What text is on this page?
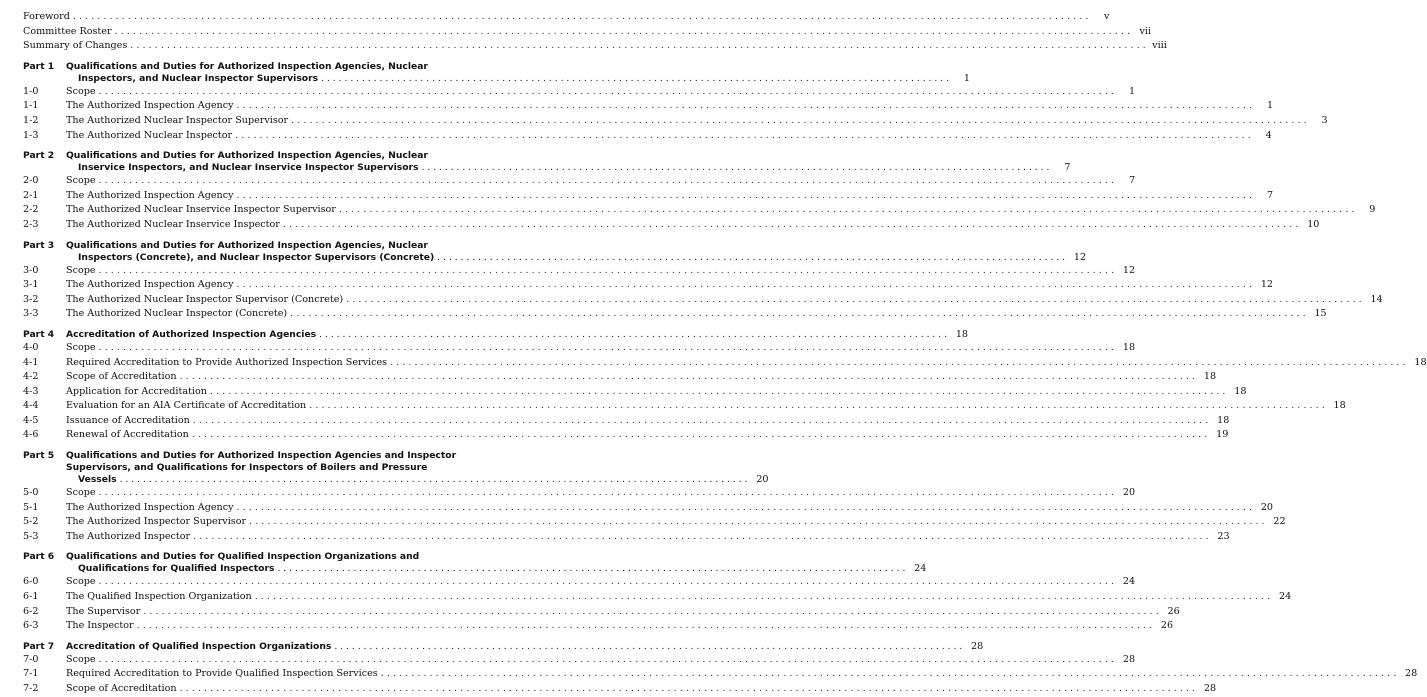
Foreword . . .	v
Committee Roster . . .	vii
Summary of Changes . . .	viii
Part 1	Qualifications and Duties for Authorized Inspection Agencies, Nuclear
Inspectors, and Nuclear Inspector Supervisors . . .	1
1-0	Scope . . .	1
1-1	The Authorized Inspection Agency . . .	1
1-2	The Authorized Nuclear Inspector Supervisor . . .	3
1-3	The Authorized Nuclear Inspector . . .	4
Part 2	Qualifications and Duties for Authorized Inspection Agencies, Nuclear
Inservice Inspectors, and Nuclear Inservice Inspector Supervisors . . .	7
2-0	Scope . . .	7
2-1	The Authorized Inspection Agency . . .	7
2-2	The Authorized Nuclear Inservice Inspector Supervisor . . .	9
2-3	The Authorized Nuclear Inservice Inspector . . .	10
Part 3	Qualifications and Duties for Authorized Inspection Agencies, Nuclear
Inspectors (Concrete), and Nuclear Inspector Supervisors (Concrete) . . .	12
3-0	Scope . . .	12
3-1	The Authorized Inspection Agency . . .	12
3-2	The Authorized Nuclear Inspector Supervisor (Concrete) . . .	14
3-3	The Authorized Nuclear Inspector (Concrete) . . .	15
Part 4	Accreditation of Authorized Inspection Agencies . . .	18
4-0	Scope . . .	18
4-1	Required Accreditation to Provide Authorized Inspection Services . . .	18
4-2	Scope of Accreditation . . .	18
4-3	Application for Accreditation . . .	18
4-4	Evaluation for an AIA Certificate of Accreditation . . .	18
4-5	Issuance of Accreditation . . .	18
4-6	Renewal of Accreditation . . .	19
Part 5	Qualifications and Duties for Authorized Inspection Agencies and Inspector
Supervisors, and Qualifications for Inspectors of Boilers and Pressure
Vessels . . .	20
5-0	Scope . . .	20
5-1	The Authorized Inspection Agency . . .	20
5-2	The Authorized Inspector Supervisor . . .	22
5-3	The Authorized Inspector . . .	23
Part 6	Qualifications and Duties for Qualified Inspection Organizations and
Qualifications for Qualified Inspectors . . .	24
6-0	Scope . . .	24
6-1	The Qualified Inspection Organization . . .	24
6-2	The Supervisor . . .	26
6-3	The Inspector . . .	26
Part 7	Accreditation of Qualified Inspection Organizations . . .	28
7-0	Scope . . .	28
7-1	Required Accreditation to Provide Qualified Inspection Services . . .	28
7-2	Scope of Accreditation . . .	28
